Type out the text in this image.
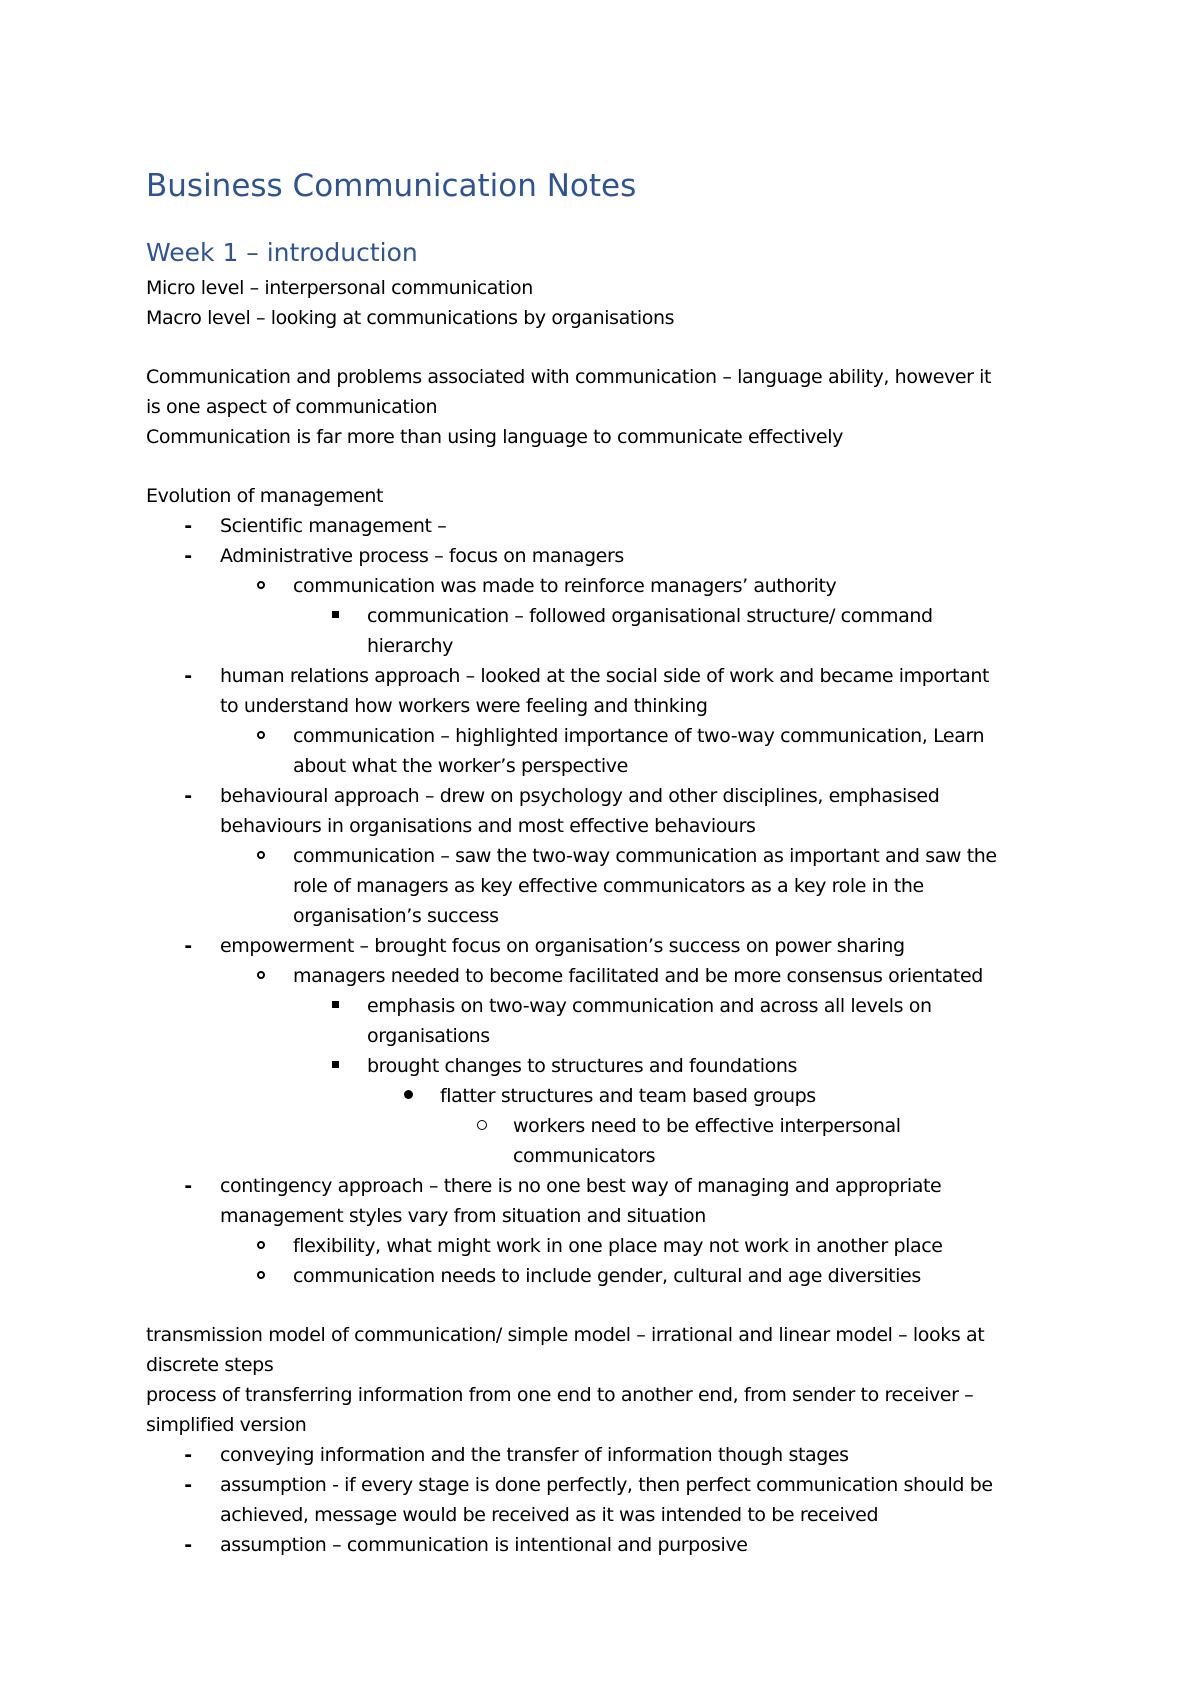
Business Communication Notes
Week 1 – introduction
Micro level – interpersonal communication
Macro level – looking at communications by organisations
Communication and problems associated with communication – language ability, however it
is one aspect of communication
Communication is far more than using language to communicate effectively
Evolution of management
-	Scientific management –
-	Administrative process – focus on managers
communication was made to reinforce managers’ authority
communication – followed organisational structure/ command
hierarchy
-	human relations approach – looked at the social side of work and became important
to understand how workers were feeling and thinking
communication – highlighted importance of two-way communication, Learn
about what the worker’s perspective
-	behavioural approach – drew on psychology and other disciplines, emphasised
behaviours in organisations and most effective behaviours
communication – saw the two-way communication as important and saw the
role of managers as key effective communicators as a key role in the
organisation’s success
-	empowerment – brought focus on organisation’s success on power sharing
managers needed to become facilitated and be more consensus orientated
emphasis on two-way communication and across all levels on
organisations
brought changes to structures and foundations
flatter structures and team based groups
workers need to be effective interpersonal
communicators
-	contingency approach – there is no one best way of managing and appropriate
management styles vary from situation and situation
flexibility, what might work in one place may not work in another place
communication needs to include gender, cultural and age diversities
transmission model of communication/ simple model – irrational and linear model – looks at
discrete steps
process of transferring information from one end to another end, from sender to receiver –
simplified version
-	conveying information and the transfer of information though stages
-	assumption - if every stage is done perfectly, then perfect communication should be
achieved, message would be received as it was intended to be received
-	assumption – communication is intentional and purposive
